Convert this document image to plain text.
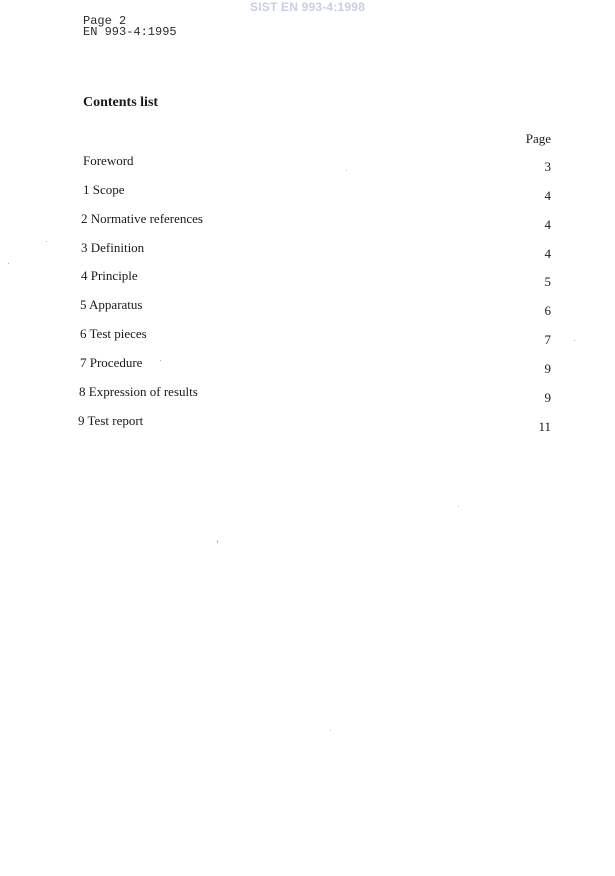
SIST EN 993-4:1998
Page 2
EN 993-4:1995
Contents list
Page
Foreword	3
1 Scope	4
2 Normative references	4
3 Definition	4
4 Principle	5
5 Apparatus	6
6 Test pieces	7
7 Procedure	9
8 Expression of results	9
9 Test report	11
